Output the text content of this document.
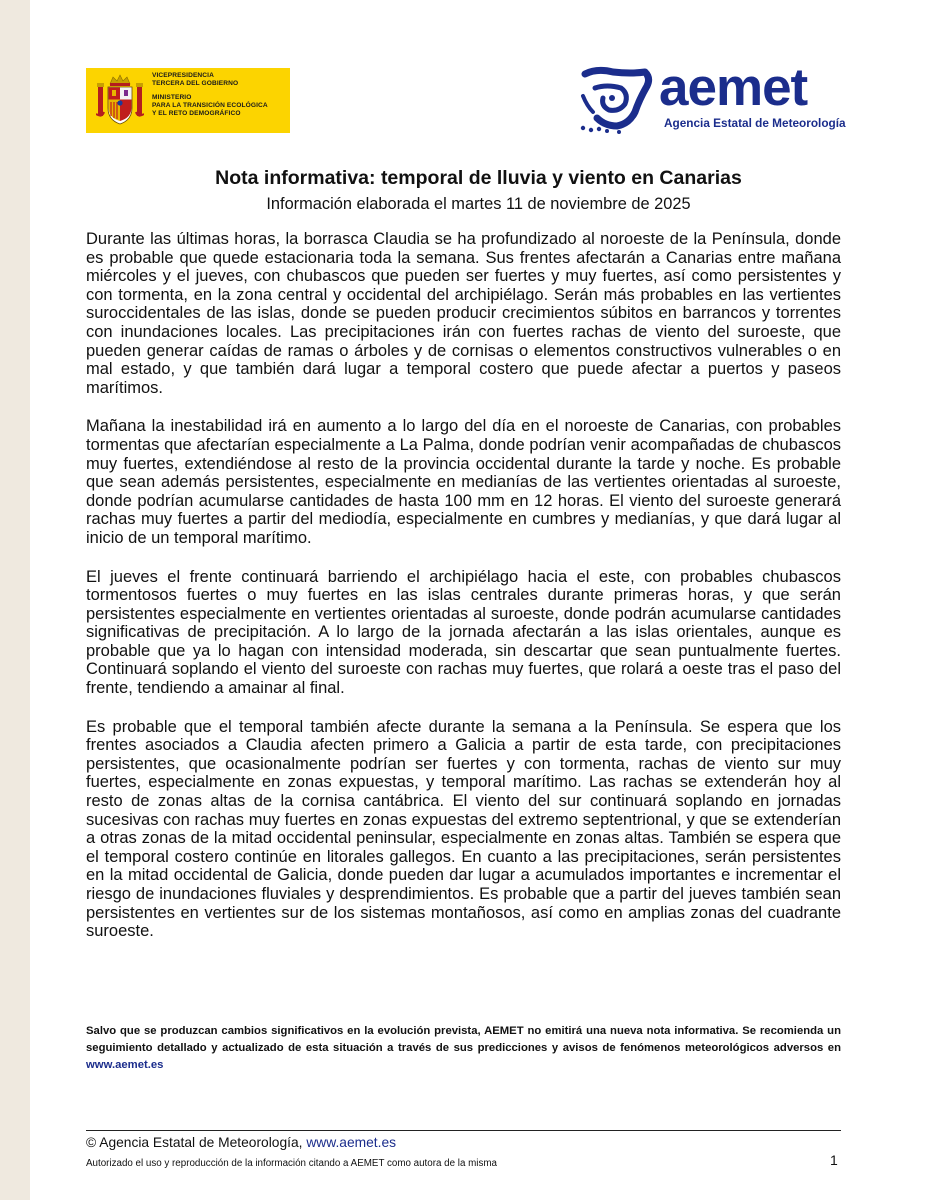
VICEPRESIDENCIA
TERCERA DEL GOBIERNO
MINISTERIO
PARA LA TRANSICIÓN ECOLÓGICA
Y EL RETO DEMOGRÁFICO	aemet
Agencia Estatal de Meteorología
Nota informativa: temporal de lluvia y viento en Canarias
Información elaborada el martes 11 de noviembre de 2025

Durante las últimas horas, la borrasca Claudia se ha profundizado al noroeste de la Península, donde es probable que quede estacionaria toda la semana. Sus frentes afectarán a Canarias entre mañana miércoles y el jueves, con chubascos que pueden ser fuertes y muy fuertes, así como persistentes y con tormenta, en la zona central y occidental del archipiélago. Serán más probables en las vertientes suroccidentales de las islas, donde se pueden producir crecimientos súbitos en barrancos y torrentes con inundaciones locales. Las precipitaciones irán con fuertes rachas de viento del suroeste, que pueden generar caídas de ramas o árboles y de cornisas o elementos constructivos vulnerables o en mal estado, y que también dará lugar a temporal costero que puede afectar a puertos y paseos marítimos.

Mañana la inestabilidad irá en aumento a lo largo del día en el noroeste de Canarias, con probables tormentas que afectarían especialmente a La Palma, donde podrían venir acompañadas de chubascos muy fuertes, extendiéndose al resto de la provincia occidental durante la tarde y noche. Es probable que sean además persistentes, especialmente en medianías de las vertientes orientadas al suroeste, donde podrían acumularse cantidades de hasta 100 mm en 12 horas. El viento del suroeste generará rachas muy fuertes a partir del mediodía, especialmente en cumbres y medianías, y que dará lugar al inicio de un temporal marítimo.

El jueves el frente continuará barriendo el archipiélago hacia el este, con probables chubascos tormentosos fuertes o muy fuertes en las islas centrales durante primeras horas, y que serán persistentes especialmente en vertientes orientadas al suroeste, donde podrán acumularse cantidades significativas de precipitación. A lo largo de la jornada afectarán a las islas orientales, aunque es probable que ya lo hagan con intensidad moderada, sin descartar que sean puntualmente fuertes. Continuará soplando el viento del suroeste con rachas muy fuertes, que rolará a oeste tras el paso del frente, tendiendo a amainar al final.

Es probable que el temporal también afecte durante la semana a la Península. Se espera que los frentes asociados a Claudia afecten primero a Galicia a partir de esta tarde, con precipitaciones persistentes, que ocasionalmente podrían ser fuertes y con tormenta, rachas de viento sur muy fuertes, especialmente en zonas expuestas, y temporal marítimo. Las rachas se extenderán hoy al resto de zonas altas de la cornisa cantábrica. El viento del sur continuará soplando en jornadas sucesivas con rachas muy fuertes en zonas expuestas del extremo septentrional, y que se extenderían a otras zonas de la mitad occidental peninsular, especialmente en zonas altas. También se espera que el temporal costero continúe en litorales gallegos. En cuanto a las precipitaciones, serán persistentes en la mitad occidental de Galicia, donde pueden dar lugar a acumulados importantes e incrementar el riesgo de inundaciones fluviales y desprendimientos. Es probable que a partir del jueves también sean persistentes en vertientes sur de los sistemas montañosos, así como en amplias zonas del cuadrante suroeste.

Salvo que se produzcan cambios significativos en la evolución prevista, AEMET no emitirá una nueva nota informativa. Se recomienda un seguimiento detallado y actualizado de esta situación a través de sus predicciones y avisos de fenómenos meteorológicos adversos en www.aemet.es
© Agencia Estatal de Meteorología, www.aemet.es
Autorizado el uso y reproducción de la información citando a AEMET como autora de la misma	1
